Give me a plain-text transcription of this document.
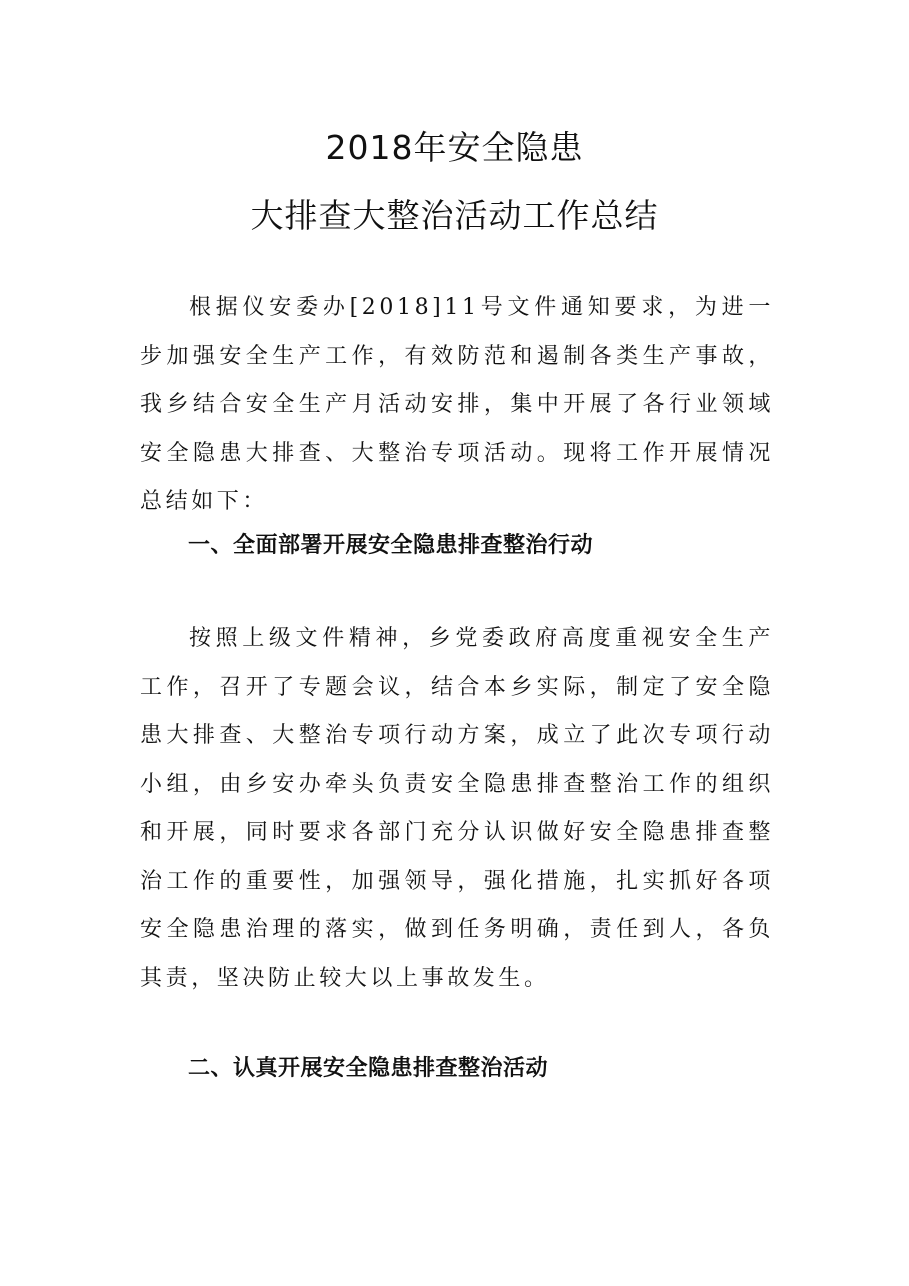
2018年安全隐患
大排查大整治活动工作总结

根据仪安委办[2018]11号文件通知要求，为进一步加强安全生产工作，有效防范和遏制各类生产事故，我乡结合安全生产月活动安排，集中开展了各行业领域安全隐患大排查、大整治专项活动。现将工作开展情况总结如下：

一、全面部署开展安全隐患排查整治行动

按照上级文件精神，乡党委政府高度重视安全生产工作，召开了专题会议，结合本乡实际，制定了安全隐患大排查、大整治专项行动方案，成立了此次专项行动小组，由乡安办牵头负责安全隐患排查整治工作的组织和开展，同时要求各部门充分认识做好安全隐患排查整治工作的重要性，加强领导，强化措施，扎实抓好各项安全隐患治理的落实，做到任务明确，责任到人，各负其责，坚决防止较大以上事故发生。

二、认真开展安全隐患排查整治活动
